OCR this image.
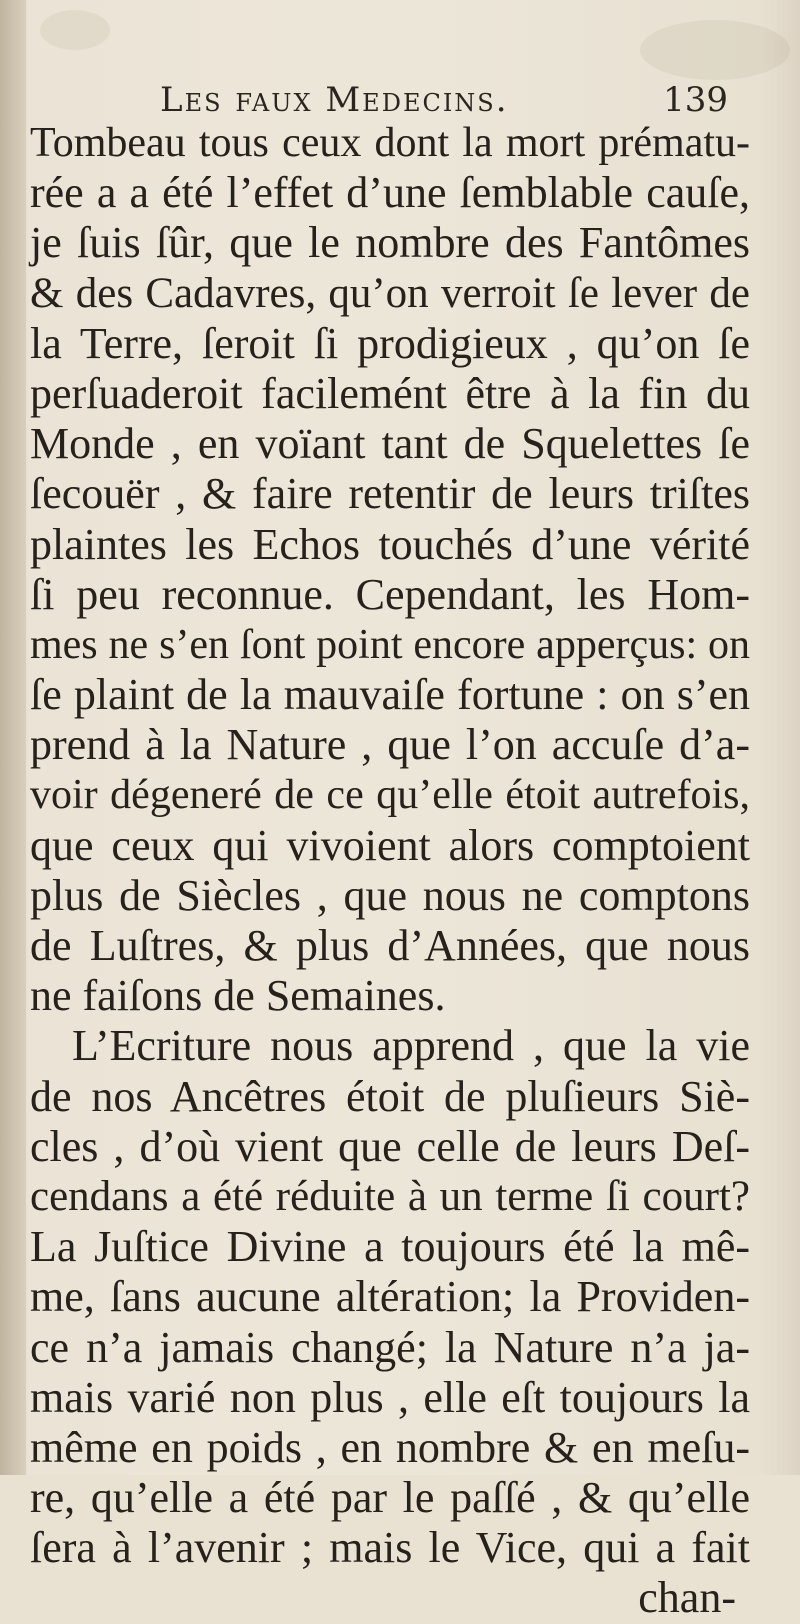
Les faux Medecins.	139
Tombeau tous ceux dont la mort prématu-
rée a a été l’effet d’une ſemblable cauſe,
je ſuis ſûr, que le nombre des Fantômes
& des Cadavres, qu’on verroit ſe lever de
la Terre, ſeroit ſi prodigieux , qu’on ſe
perſuaderoit facilemént être à la fin du
Monde , en voïant tant de Squelettes ſe
ſecouër , & faire retentir de leurs triſtes
plaintes les Echos touchés d’une vérité
ſi peu reconnue. Cependant, les Hom-
mes ne s’en ſont point encore apperçus: on
ſe plaint de la mauvaiſe fortune : on s’en
prend à la Nature , que l’on accuſe d’a-
voir dégeneré de ce qu’elle étoit autrefois,
que ceux qui vivoient alors comptoient
plus de Siècles , que nous ne comptons
de Luſtres, & plus d’Années, que nous
ne faiſons de Semaines.
L’Ecriture nous apprend , que la vie
de nos Ancêtres étoit de pluſieurs Siè-
cles , d’où vient que celle de leurs Deſ-
cendans a été réduite à un terme ſi court?
La Juſtice Divine a toujours été la mê-
me, ſans aucune altération; la Providen-
ce n’a jamais changé; la Nature n’a ja-
mais varié non plus , elle eſt toujours la
même en poids , en nombre & en meſu-
re, qu’elle a été par le paſſé , & qu’elle
ſera à l’avenir ; mais le Vice, qui a fait
chan-
